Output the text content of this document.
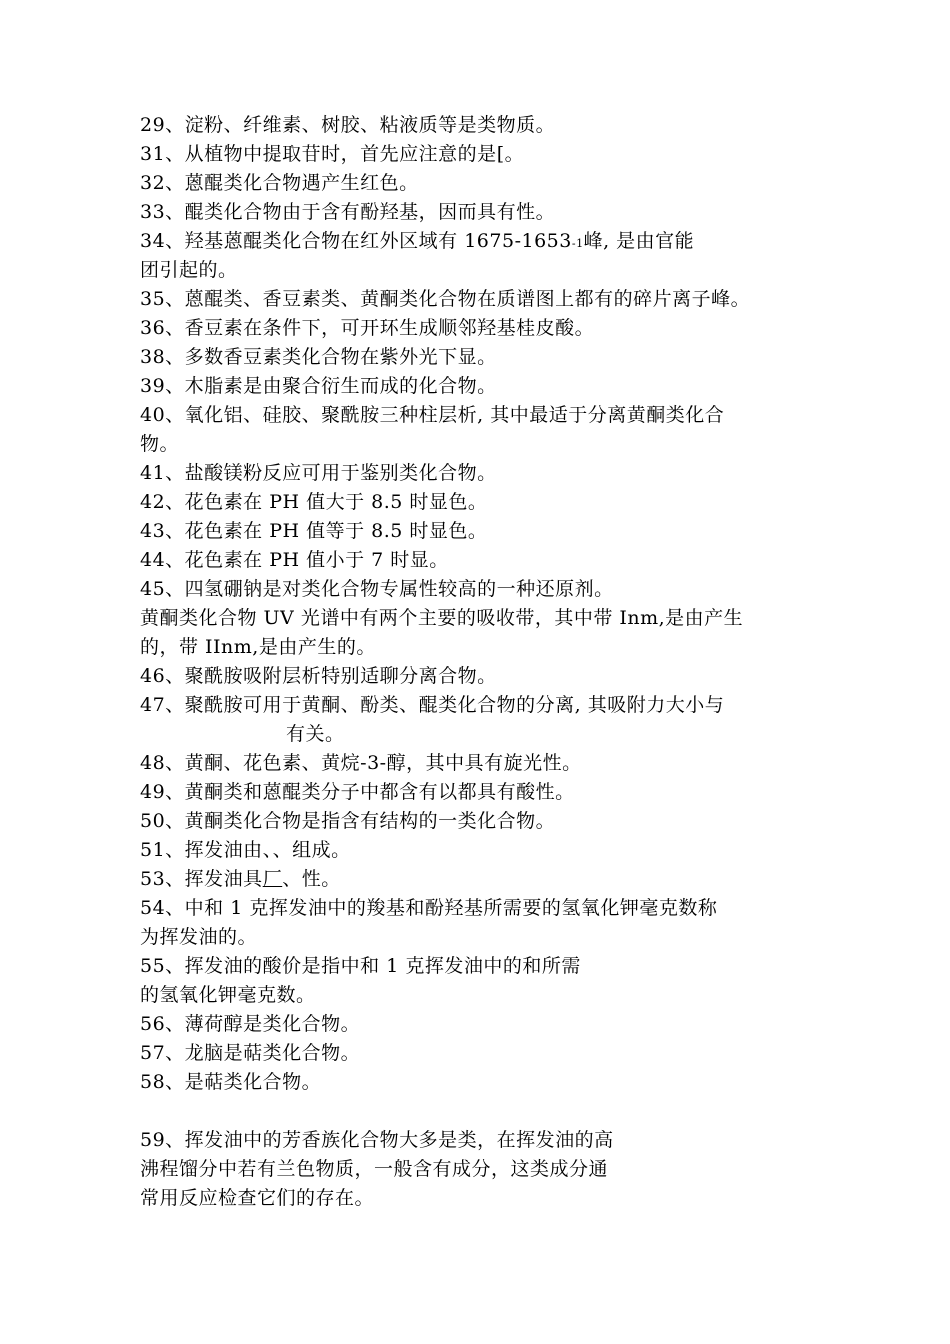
29、淀粉、纤维素、树胶、粘液质等是类物质。
31、从植物中提取苷时，首先应注意的是[。
32、蒽醌类化合物遇产生红色。
33、醌类化合物由于含有酚羟基，因而具有性。
34、羟基蒽醌类化合物在红外区域有 1675-1653-1峰, 是由官能
团引起的。
35、蒽醌类、香豆素类、黄酮类化合物在质谱图上都有的碎片离子峰。
36、香豆素在条件下，可开环生成顺邻羟基桂皮酸。
38、多数香豆素类化合物在紫外光下显。
39、木脂素是由聚合衍生而成的化合物。
40、氧化铝、硅胶、聚酰胺三种柱层析, 其中最适于分离黄酮类化合
物。
41、盐酸镁粉反应可用于鉴别类化合物。
42、花色素在 PH 值大于 8.5 时显色。
43、花色素在 PH 值等于 8.5 时显色。
44、花色素在 PH 值小于 7 时显。
45、四氢硼钠是对类化合物专属性较高的一种还原剂。
黄酮类化合物 UV 光谱中有两个主要的吸收带，其中带 Inm,是由产生
的，带 IInm,是由产生的。
46、聚酰胺吸附层析特别适聊分离合物。
47、聚酰胺可用于黄酮、酚类、醌类化合物的分离, 其吸附力大小与
有关。
48、黄酮、花色素、黄烷-3-醇，其中具有旋光性。
49、黄酮类和蒽醌类分子中都含有以都具有酸性。
50、黄酮类化合物是指含有结构的一类化合物。
51、挥发油由、、组成。
53、挥发油具厂、性。
54、中和 1 克挥发油中的羧基和酚羟基所需要的氢氧化钾毫克数称
为挥发油的。
55、挥发油的酸价是指中和 1 克挥发油中的和所需
的氢氧化钾毫克数。
56、薄荷醇是类化合物。
57、龙脑是萜类化合物。
58、是萜类化合物。
59、挥发油中的芳香族化合物大多是类，在挥发油的高
沸程馏分中若有兰色物质，一般含有成分，这类成分通
常用反应检查它们的存在。
